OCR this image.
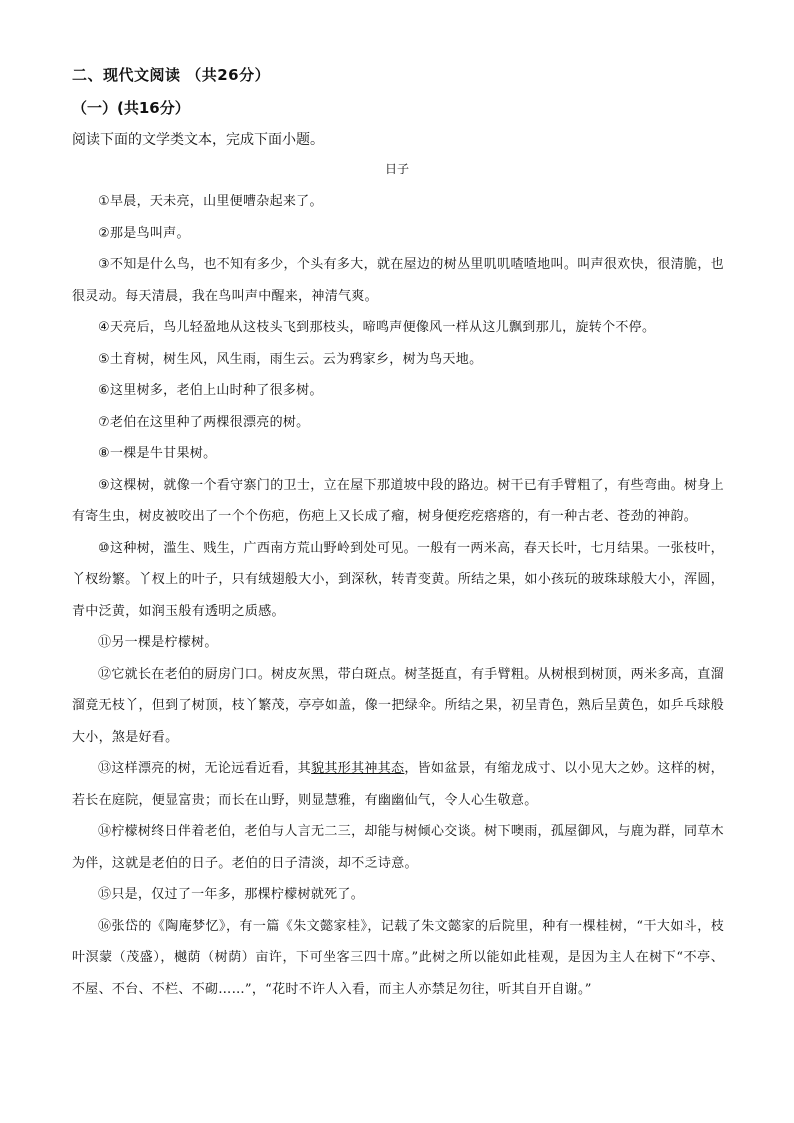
二、现代文阅读 （共26分）
（一）(共16分）
阅读下面的文学类文本，完成下面小题。
日子

①早晨，天未亮，山里便嘈杂起来了。

②那是鸟叫声。

③不知是什么鸟，也不知有多少，个头有多大，就在屋边的树丛里叽叽喳喳地叫。叫声很欢快，很清脆，也很灵动。每天清晨，我在鸟叫声中醒来，神清气爽。

④天亮后，鸟儿轻盈地从这枝头飞到那枝头，啼鸣声便像风一样从这儿飘到那儿，旋转个不停。

⑤土育树，树生风，风生雨，雨生云。云为鸦家乡，树为鸟天地。

⑥这里树多，老伯上山时种了很多树。

⑦老伯在这里种了两棵很漂亮的树。

⑧一棵是牛甘果树。

⑨这棵树，就像一个看守寨门的卫士，立在屋下那道坡中段的路边。树干已有手臂粗了，有些弯曲。树身上有寄生虫，树皮被咬出了一个个伤疤，伤疤上又长成了瘤，树身便疙疙瘩瘩的，有一种古老、苍劲的神韵。

⑩这种树，滥生、贱生，广西南方荒山野岭到处可见。一般有一两米高，春天长叶，七月结果。一张枝叶，丫杈纷繁。丫杈上的叶子，只有绒翅般大小，到深秋，转青变黄。所结之果，如小孩玩的玻珠球般大小，浑圆，青中泛黄，如润玉般有透明之质感。

⑪另一棵是柠檬树。

⑫它就长在老伯的厨房门口。树皮灰黑，带白斑点。树茎挺直，有手臂粗。从树根到树顶，两米多高，直溜溜竟无枝丫，但到了树顶，枝丫繁茂，亭亭如盖，像一把绿伞。所结之果，初呈青色，熟后呈黄色，如乒乓球般大小，煞是好看。

⑬这样漂亮的树，无论远看近看，其貌其形其神其态，皆如盆景，有缩龙成寸、以小见大之妙。这样的树，若长在庭院，便显富贵；而长在山野，则显慧雅，有幽幽仙气，令人心生敬意。

⑭柠檬树终日伴着老伯，老伯与人言无二三，却能与树倾心交谈。树下噢雨，孤屋御风，与鹿为群，同草木为伴，这就是老伯的日子。老伯的日子清淡，却不乏诗意。

⑮只是，仅过了一年多，那棵柠檬树就死了。

⑯张岱的《陶庵梦忆》，有一篇《朱文懿家桂》，记载了朱文懿家的后院里，种有一棵桂树，“干大如斗，枝叶溟蒙（茂盛），樾荫（树荫）亩许，下可坐客三四十席。”此树之所以能如此桂观，是因为主人在树下“不亭、不屋、不台、不栏、不砌……”，“花时不许人入看，而主人亦禁足勿往，听其自开自谢。”
